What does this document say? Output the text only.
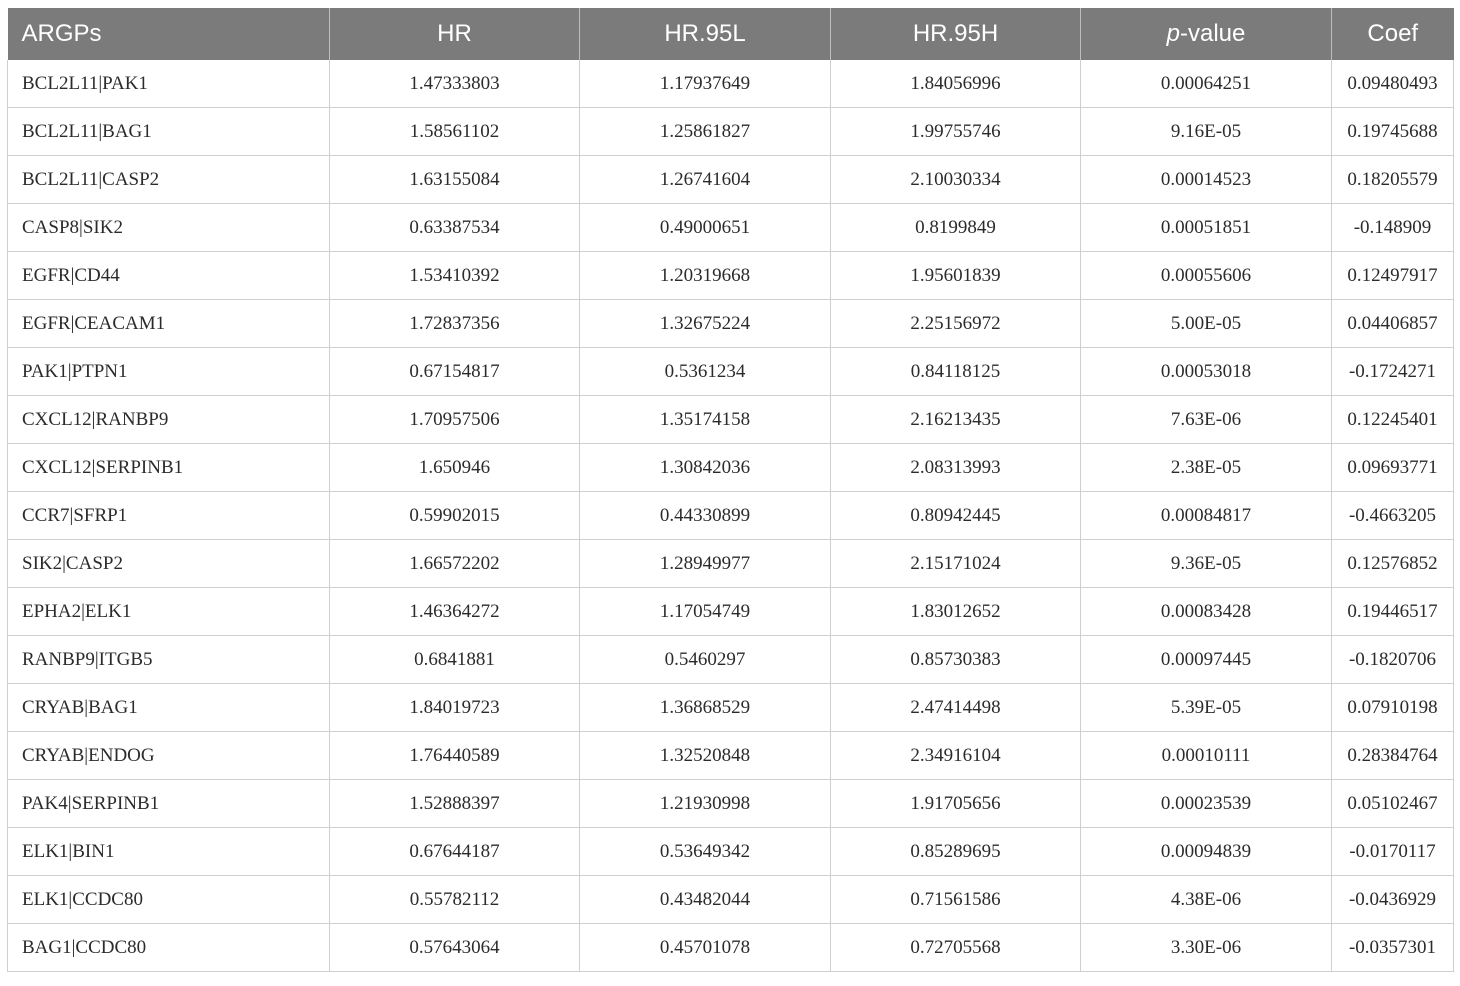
ARGPs	HR	HR.95L	HR.95H	p-value	Coef
BCL2L11|PAK1	1.47333803	1.17937649	1.84056996	0.00064251	0.09480493
BCL2L11|BAG1	1.58561102	1.25861827	1.99755746	9.16E-05	0.19745688
BCL2L11|CASP2	1.63155084	1.26741604	2.10030334	0.00014523	0.18205579
CASP8|SIK2	0.63387534	0.49000651	0.8199849	0.00051851	-0.148909
EGFR|CD44	1.53410392	1.20319668	1.95601839	0.00055606	0.12497917
EGFR|CEACAM1	1.72837356	1.32675224	2.25156972	5.00E-05	0.04406857
PAK1|PTPN1	0.67154817	0.5361234	0.84118125	0.00053018	-0.1724271
CXCL12|RANBP9	1.70957506	1.35174158	2.16213435	7.63E-06	0.12245401
CXCL12|SERPINB1	1.650946	1.30842036	2.08313993	2.38E-05	0.09693771
CCR7|SFRP1	0.59902015	0.44330899	0.80942445	0.00084817	-0.4663205
SIK2|CASP2	1.66572202	1.28949977	2.15171024	9.36E-05	0.12576852
EPHA2|ELK1	1.46364272	1.17054749	1.83012652	0.00083428	0.19446517
RANBP9|ITGB5	0.6841881	0.5460297	0.85730383	0.00097445	-0.1820706
CRYAB|BAG1	1.84019723	1.36868529	2.47414498	5.39E-05	0.07910198
CRYAB|ENDOG	1.76440589	1.32520848	2.34916104	0.00010111	0.28384764
PAK4|SERPINB1	1.52888397	1.21930998	1.91705656	0.00023539	0.05102467
ELK1|BIN1	0.67644187	0.53649342	0.85289695	0.00094839	-0.0170117
ELK1|CCDC80	0.55782112	0.43482044	0.71561586	4.38E-06	-0.0436929
BAG1|CCDC80	0.57643064	0.45701078	0.72705568	3.30E-06	-0.0357301
